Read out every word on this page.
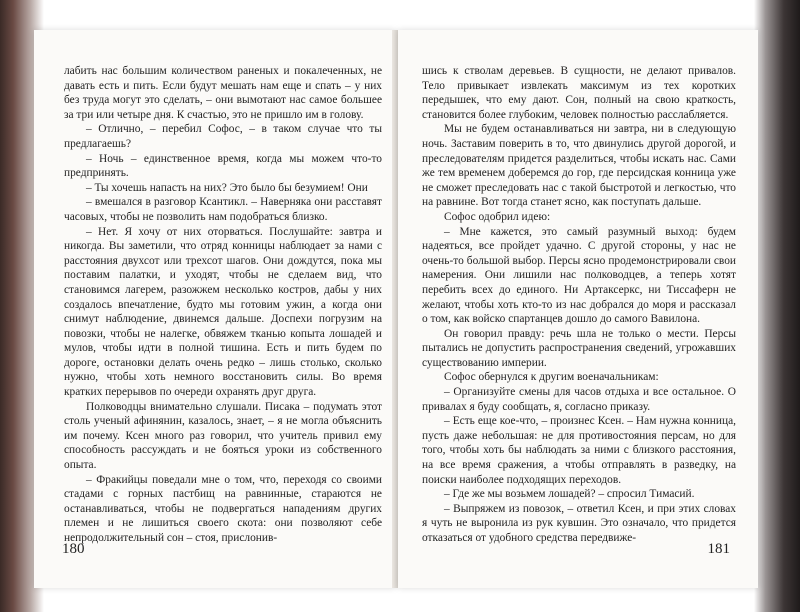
лабить нас большим количеством раненых и покалеченных, не давать есть и пить. Если будут мешать нам еще и спать – у них без труда могут это сделать, – они вымотают нас самое большее за три или четыре дня. К счастью, это не пришло им в голову.

– Отлично, – перебил Софос, – в таком случае что ты предлагаешь?

– Ночь – единственное время, когда мы можем что-то предпринять.

– Ты хочешь напасть на них? Это было бы безумием! Они

– вмешался в разговор Ксантикл. – Наверняка они расставят часовых, чтобы не позволить нам подобраться близко.

– Нет. Я хочу от них оторваться. Послушайте: завтра и никогда. Вы заметили, что отряд конницы наблюдает за нами с расстояния двухсот или трехсот шагов. Они дождутся, пока мы поставим палатки, и уходят, чтобы не сделаем вид, что становимся лагерем, разожжем несколько костров, дабы у них создалось впечатление, будто мы готовим ужин, а когда они снимут наблюдение, двинемся дальше. Доспехи погрузим на повозки, чтобы не налегке, обвяжем тканью копыта лошадей и мулов, чтобы идти в полной тишина. Есть и пить будем по дороге, остановки делать очень редко – лишь столько, сколько нужно, чтобы хоть немного восстановить силы. Во время кратких перерывов по очереди охранять друг друга.

Полководцы внимательно слушали. Писака – подумать этот столь ученый афинянин, казалось, знает, – я не могла объяснить им почему. Ксен много раз говорил, что учитель привил ему способность рассуждать и не бояться уроки из собственного опыта.

– Фракийцы поведали мне о том, что, переходя со своими стадами с горных пастбищ на равнинные, стараются не останавливаться, чтобы не подвергаться нападениям других племен и не лишиться своего скота: они позволяют себе непродолжительный сон – стоя, прислонив-

180

шись к стволам деревьев. В сущности, не делают привалов. Тело привыкает извлекать максимум из тех коротких передышек, что ему дают. Сон, полный на свою краткость, становится более глубоким, человек полностью расслабляется.

Мы не будем останавливаться ни завтра, ни в следующую ночь. Заставим поверить в то, что двинулись другой дорогой, и преследователям придется разделиться, чтобы искать нас. Сами же тем временем доберемся до гор, где персидская конница уже не сможет преследовать нас с такой быстротой и легкостью, что на равнине. Вот тогда станет ясно, как поступать дальше.

Софос одобрил идею:

– Мне кажется, это самый разумный выход: будем надеяться, все пройдет удачно. С другой стороны, у нас не очень-то большой выбор. Персы ясно продемонстрировали свои намерения. Они лишили нас полководцев, а теперь хотят перебить всех до единого. Ни Артаксеркс, ни Тиссаферн не желают, чтобы хоть кто-то из нас добрался до моря и рассказал о том, как войско спартанцев дошло до самого Вавилона.

Он говорил правду: речь шла не только о мести. Персы пытались не допустить распространения сведений, угрожавших существованию империи.

Софос обернулся к другим военачальникам:

– Организуйте смены для часов отдыха и все остальное. О привалах я буду сообщать, я, согласно приказу.

– Есть еще кое-что, – произнес Ксен. – Нам нужна конница, пусть даже небольшая: не для противостояния персам, но для того, чтобы хоть бы наблюдать за ними с близкого расстояния, на все время сражения, а чтобы отправлять в разведку, на поиски наиболее подходящих переходов.

– Где же мы возьмем лошадей? – спросил Тимасий.

– Выпряжем из повозок, – ответил Ксен, и при этих словах я чуть не выронила из рук кувшин. Это означало, что придется отказаться от удобного средства передвиже-

181
